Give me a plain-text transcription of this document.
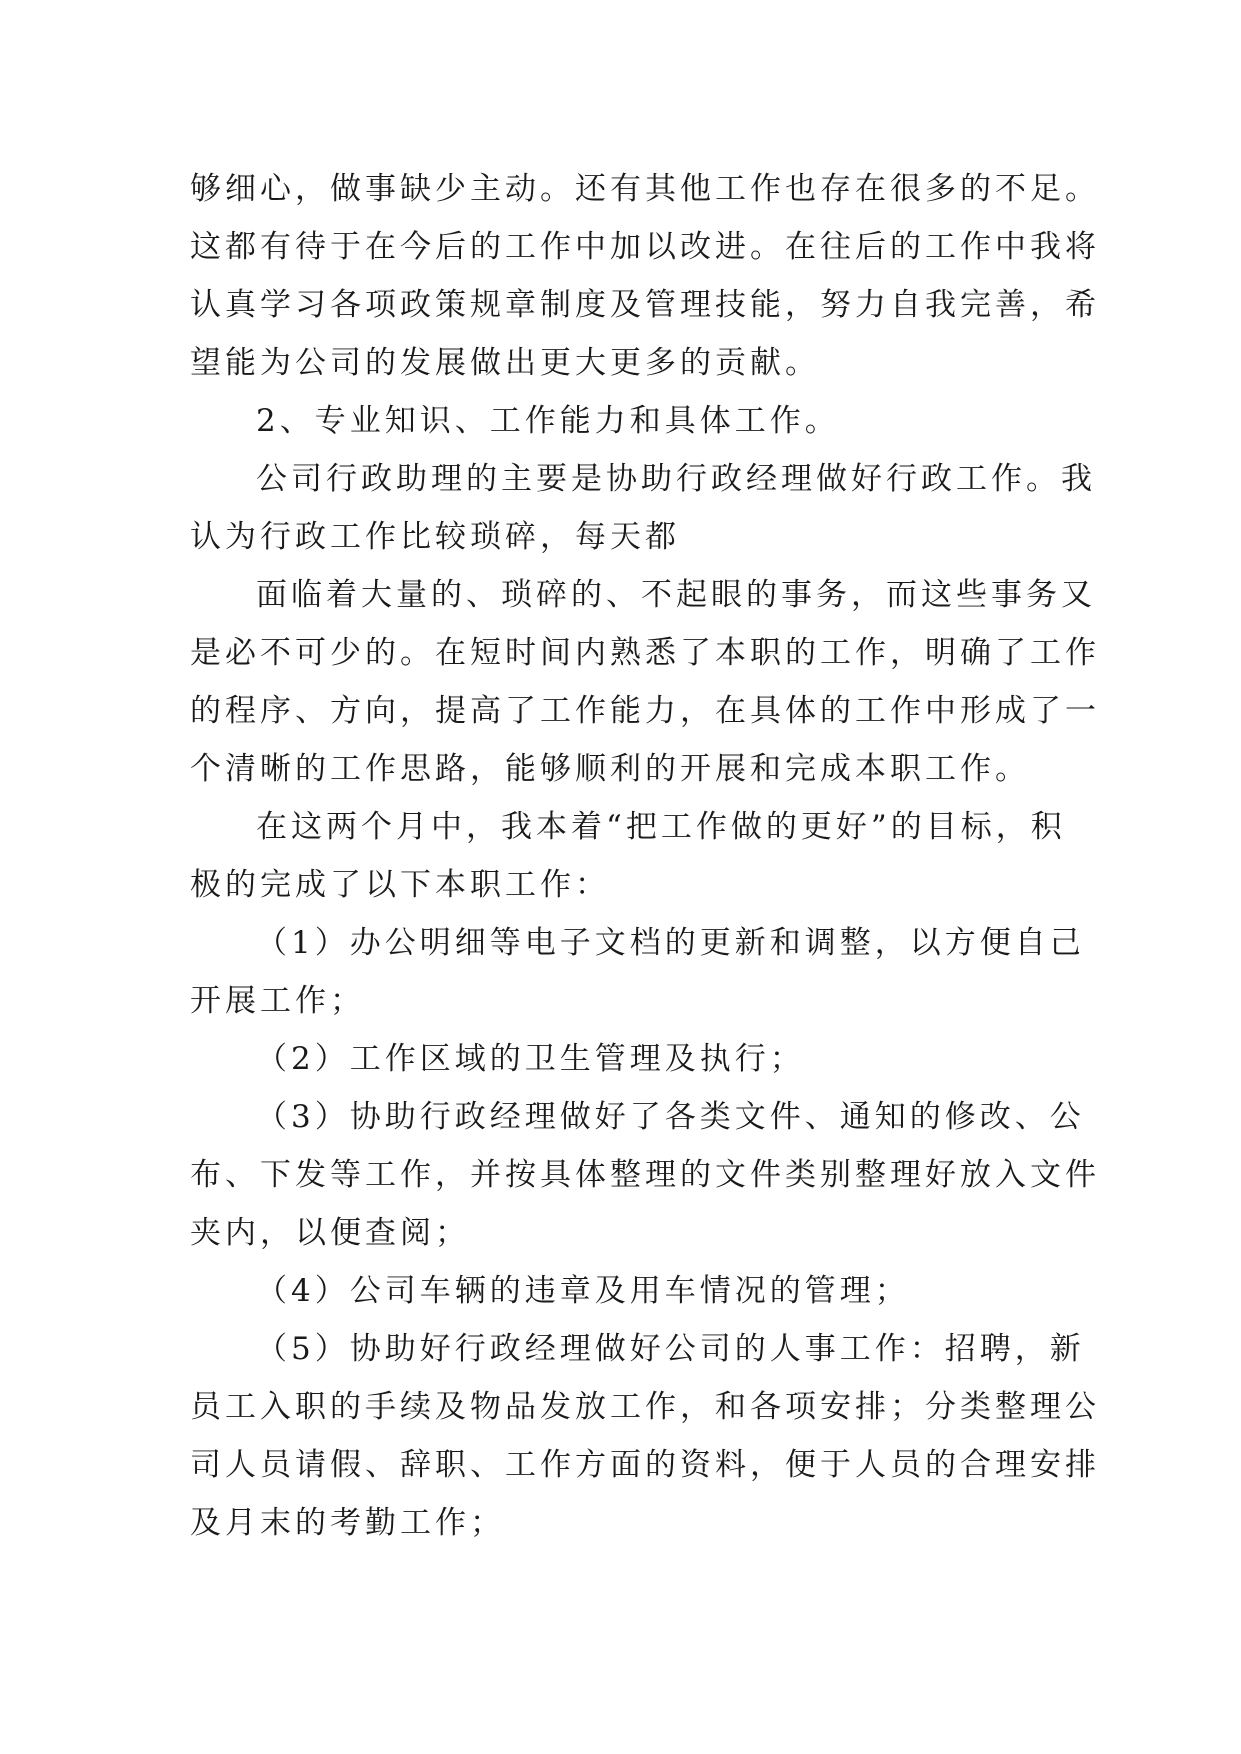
够细心，做事缺少主动。还有其他工作也存在很多的不足。
这都有待于在今后的工作中加以改进。在往后的工作中我将
认真学习各项政策规章制度及管理技能，努力自我完善，希
望能为公司的发展做出更大更多的贡献。
2、专业知识、工作能力和具体工作。
公司行政助理的主要是协助行政经理做好行政工作。我
认为行政工作比较琐碎，每天都
面临着大量的、琐碎的、不起眼的事务，而这些事务又
是必不可少的。在短时间内熟悉了本职的工作，明确了工作
的程序、方向，提高了工作能力，在具体的工作中形成了一
个清晰的工作思路，能够顺利的开展和完成本职工作。
在这两个月中，我本着“把工作做的更好”的目标，积
极的完成了以下本职工作：
（1）办公明细等电子文档的更新和调整，以方便自己
开展工作；
（2）工作区域的卫生管理及执行；
（3）协助行政经理做好了各类文件、通知的修改、公
布、下发等工作，并按具体整理的文件类别整理好放入文件
夹内，以便查阅；
（4）公司车辆的违章及用车情况的管理；
（5）协助好行政经理做好公司的人事工作：招聘，新
员工入职的手续及物品发放工作，和各项安排；分类整理公
司人员请假、辞职、工作方面的资料，便于人员的合理安排
及月末的考勤工作；
